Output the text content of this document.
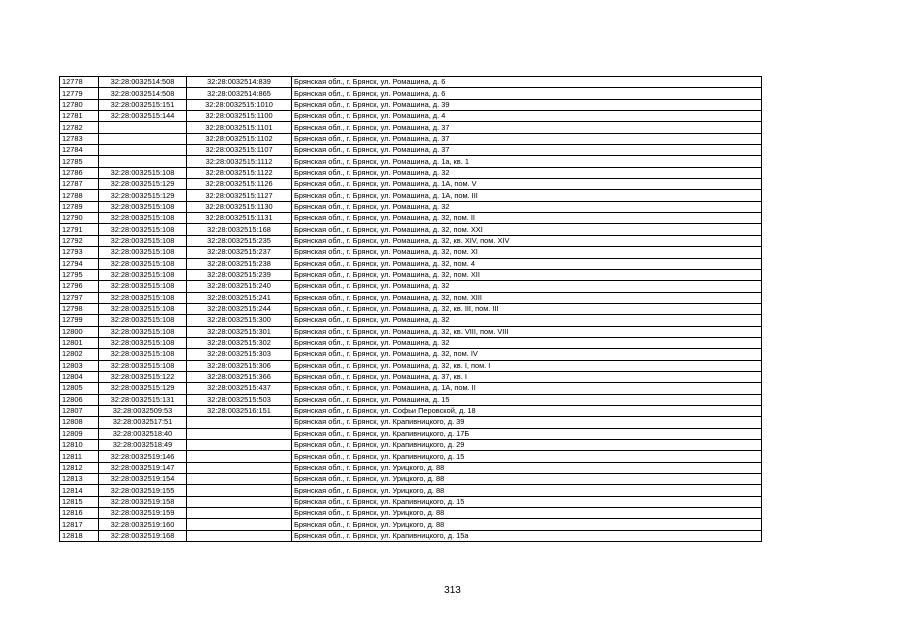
12778	32:28:0032514:508	32:28:0032514:839	Брянская обл., г. Брянск, ул. Ромашина, д. 6
12779	32:28:0032514:508	32:28:0032514:865	Брянская обл., г. Брянск, ул. Ромашина, д. 6
12780	32:28:0032515:151	32:28:0032515:1010	Брянская обл., г. Брянск, ул. Ромашина, д. 39
12781	32:28:0032515:144	32:28:0032515:1100	Брянская обл., г. Брянск, ул. Ромашина, д. 4
12782		32:28:0032515:1101	Брянская обл., г. Брянск, ул. Ромашина, д. 37
12783		32:28:0032515:1102	Брянская обл., г. Брянск, ул. Ромашина, д. 37
12784		32:28:0032515:1107	Брянская обл., г. Брянск, ул. Ромашина, д. 37
12785		32:28:0032515:1112	Брянская обл., г. Брянск, ул. Ромашина, д. 1а, кв. 1
12786	32:28:0032515:108	32:28:0032515:1122	Брянская обл., г. Брянск, ул. Ромашина, д. 32
12787	32:28:0032515:129	32:28:0032515:1126	Брянская обл., г. Брянск, ул. Ромашина, д. 1А, пом. V
12788	32:28:0032515:129	32:28:0032515:1127	Брянская обл., г. Брянск, ул. Ромашина, д. 1А, пом. III
12789	32:28:0032515:108	32:28:0032515:1130	Брянская обл., г. Брянск, ул. Ромашина, д. 32
12790	32:28:0032515:108	32:28:0032515:1131	Брянская обл., г. Брянск, ул. Ромашина, д. 32, пом. II
12791	32:28:0032515:108	32:28:0032515:168	Брянская обл., г. Брянск, ул. Ромашина, д. 32, пом. XXI
12792	32:28:0032515:108	32:28:0032515:235	Брянская обл., г. Брянск, ул. Ромашина, д. 32, кв. XIV, пом. XIV
12793	32:28:0032515:108	32:28:0032515:237	Брянская обл., г. Брянск, ул. Ромашина, д. 32, пом. XI
12794	32:28:0032515:108	32:28:0032515:238	Брянская обл., г. Брянск, ул. Ромашина, д. 32, пом. 4
12795	32:28:0032515:108	32:28:0032515:239	Брянская обл., г. Брянск, ул. Ромашина, д. 32, пом. XII
12796	32:28:0032515:108	32:28:0032515:240	Брянская обл., г. Брянск, ул. Ромашина, д. 32
12797	32:28:0032515:108	32:28:0032515:241	Брянская обл., г. Брянск, ул. Ромашина, д. 32, пом. XIII
12798	32:28:0032515:108	32:28:0032515:244	Брянская обл., г. Брянск, ул. Ромашина, д. 32, кв. III, пом. III
12799	32:28:0032515:108	32:28:0032515:300	Брянская обл., г. Брянск, ул. Ромашина, д. 32
12800	32:28:0032515:108	32:28:0032515:301	Брянская обл., г. Брянск, ул. Ромашина, д. 32, кв. VIII, пом. VIII
12801	32:28:0032515:108	32:28:0032515:302	Брянская обл., г. Брянск, ул. Ромашина, д. 32
12802	32:28:0032515:108	32:28:0032515:303	Брянская обл., г. Брянск, ул. Ромашина, д. 32, пом. IV
12803	32:28:0032515:108	32:28:0032515:306	Брянская обл., г. Брянск, ул. Ромашина, д. 32, кв. I, пом. I
12804	32:28:0032515:122	32:28:0032515:366	Брянская обл., г. Брянск, ул. Ромашина, д. 37, кв. I
12805	32:28:0032515:129	32:28:0032515:437	Брянская обл., г. Брянск, ул. Ромашина, д. 1А, пом. II
12806	32:28:0032515:131	32:28:0032515:503	Брянская обл., г. Брянск, ул. Ромашина, д. 15
12807	32:28:0032509:53	32:28:0032516:151	Брянская обл., г. Брянск, ул. Софьи Перовской, д. 18
12808	32:28:0032517:51		Брянская обл., г. Брянск, ул. Крапивницкого, д. 39
12809	32:28:0032518:40		Брянская обл., г. Брянск, ул. Крапивницкого, д. 17Б
12810	32:28:0032518:49		Брянская обл., г. Брянск, ул. Крапивницкого, д. 29
12811	32:28:0032519:146		Брянская обл., г. Брянск, ул. Крапивницкого, д. 15
12812	32:28:0032519:147		Брянская обл., г. Брянск, ул. Урицкого, д. 88
12813	32:28:0032519:154		Брянская обл., г. Брянск, ул. Урицкого, д. 88
12814	32:28:0032519:155		Брянская обл., г. Брянск, ул. Урицкого, д. 88
12815	32:28:0032519:158		Брянская обл., г. Брянск, ул. Крапивницкого, д. 15
12816	32:28:0032519:159		Брянская обл., г. Брянск, ул. Урицкого, д. 88
12817	32:28:0032519:160		Брянская обл., г. Брянск, ул. Урицкого, д. 88
12818	32:28:0032519:168		Брянская обл., г. Брянск, ул. Крапивницкого, д. 15а
313
